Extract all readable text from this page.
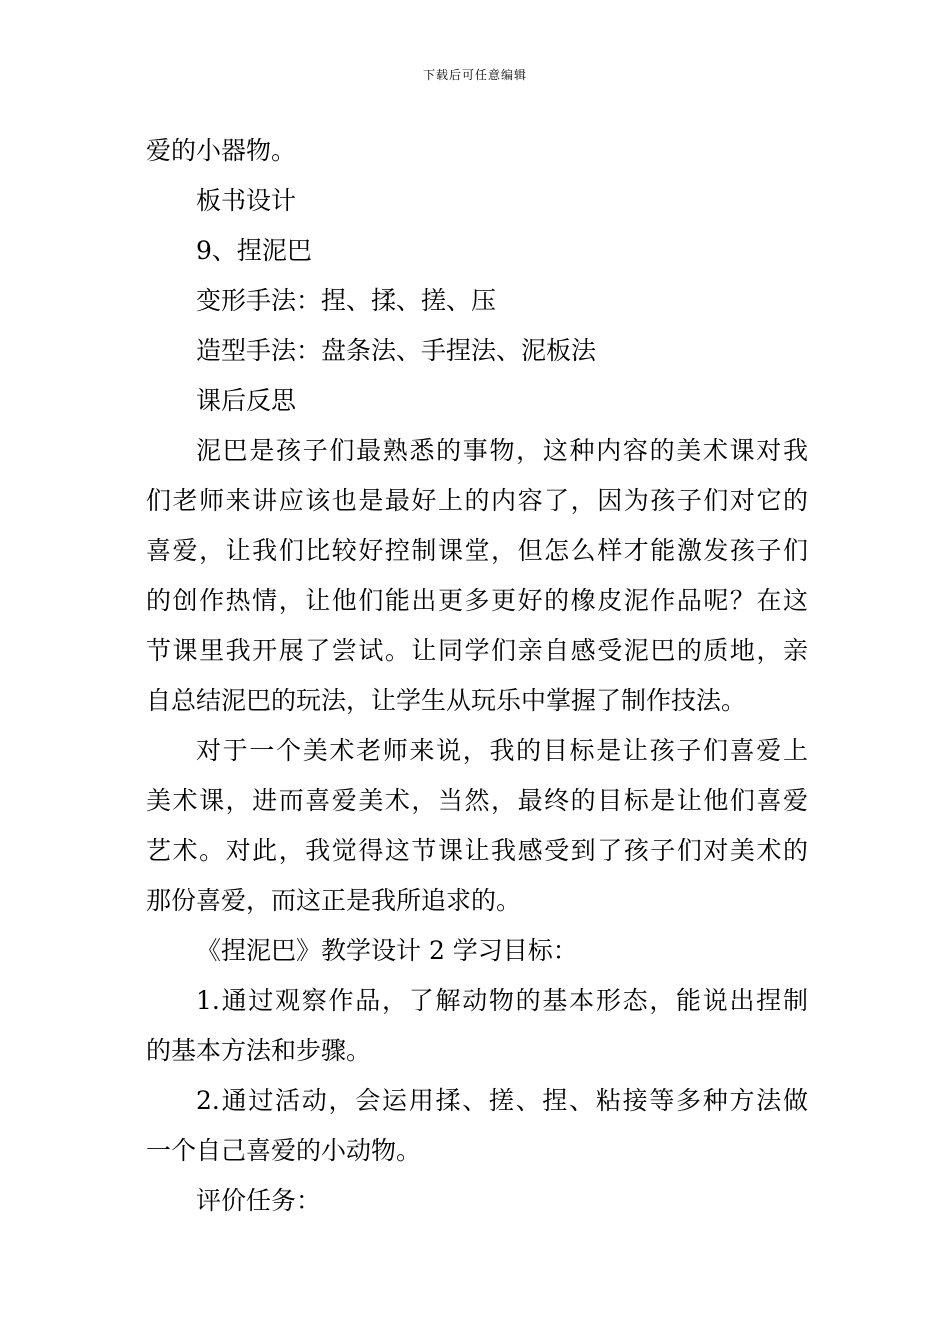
下载后可任意编辑

爱的小器物。

板书设计

9、捏泥巴

变形手法：捏、揉、搓、压

造型手法：盘条法、手捏法、泥板法

课后反思

泥巴是孩子们最熟悉的事物，这种内容的美术课对我
们老师来讲应该也是最好上的内容了，因为孩子们对它的
喜爱，让我们比较好控制课堂，但怎么样才能激发孩子们
的创作热情，让他们能出更多更好的橡皮泥作品呢？在这
节课里我开展了尝试。让同学们亲自感受泥巴的质地，亲
自总结泥巴的玩法，让学生从玩乐中掌握了制作技法。
对于一个美术老师来说，我的目标是让孩子们喜爱上
美术课，进而喜爱美术，当然，最终的目标是让他们喜爱
艺术。对此，我觉得这节课让我感受到了孩子们对美术的
那份喜爱，而这正是我所追求的。

《捏泥巴》教学设计 2 学习目标：

1.通过观察作品，了解动物的基本形态，能说出捏制
的基本方法和步骤。
2.通过活动，会运用揉、搓、捏、粘接等多种方法做
一个自己喜爱的小动物。

评价任务：
